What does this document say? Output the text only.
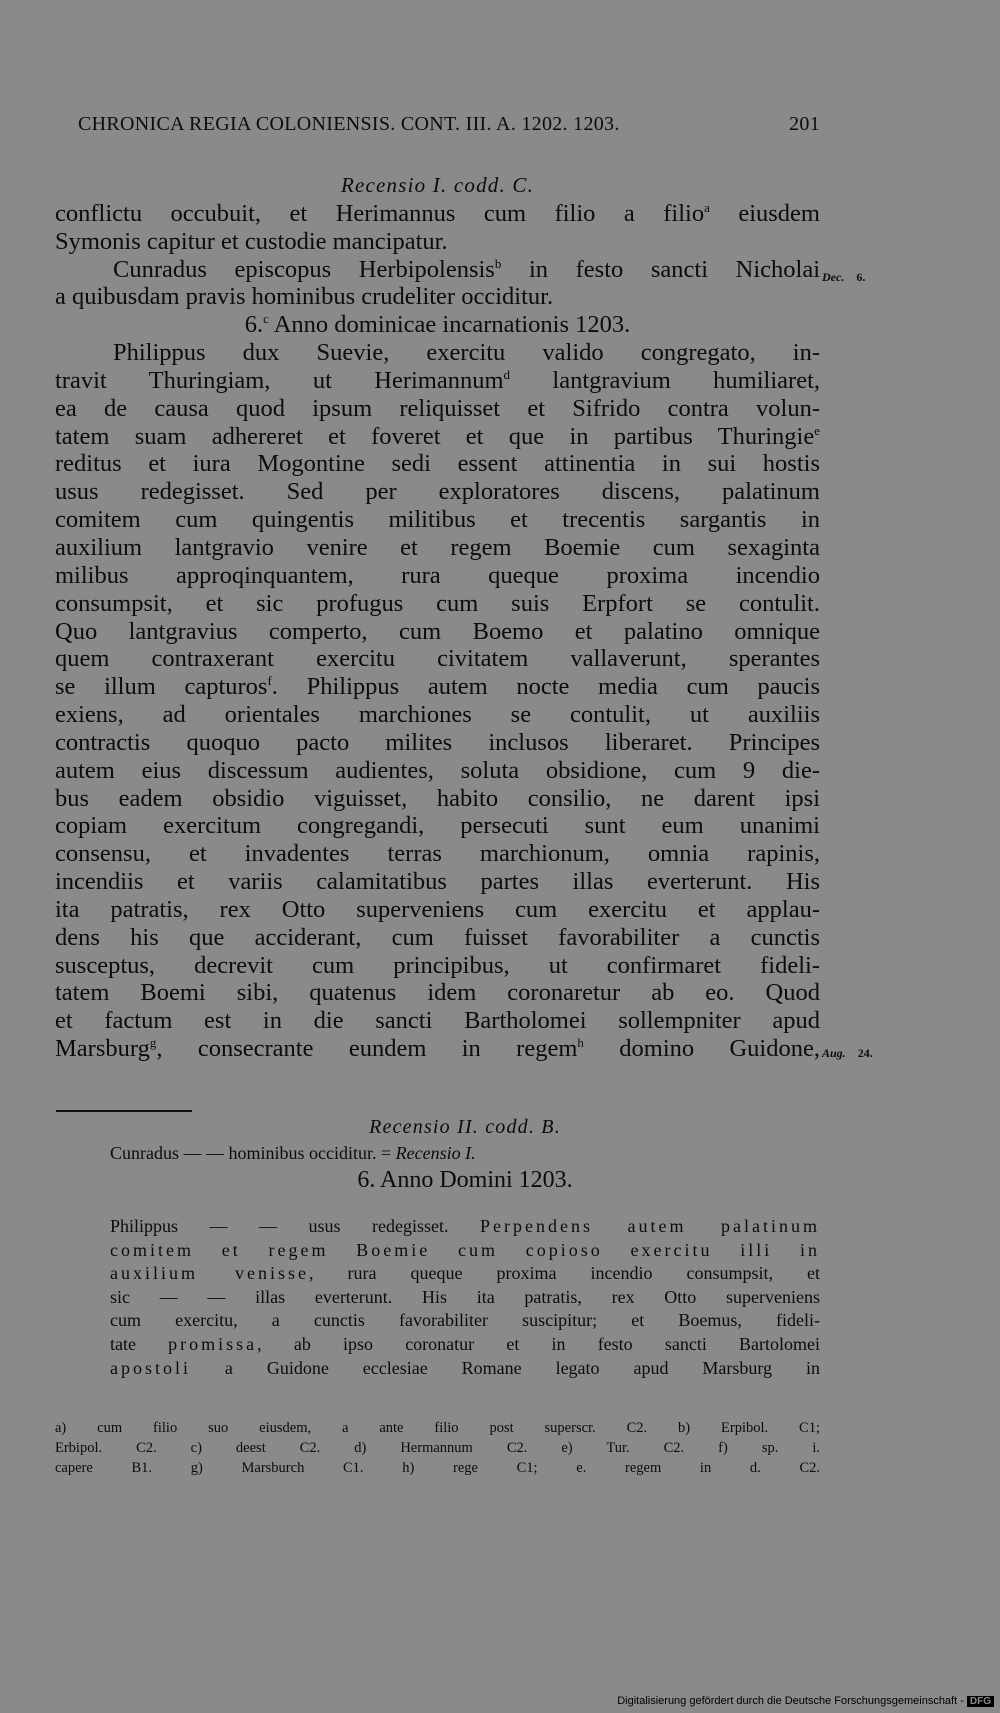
CHRONICA REGIA COLONIENSIS. CONT. III. A. 1202. 1203.	201
Recensio I. codd. C.
conflictu occubuit, et Herimannus cum filio a filio$^a$ eiusdem
Symonis capitur et custodie mancipatur.
Cunradus episcopus Herbipolensis$^b$ in festo sancti Nicholai
a quibusdam pravis hominibus crudeliter occiditur.
6.$^c$ Anno dominicae incarnationis 1203.
Philippus dux Suevie, exercitu valido congregato, in-
travit Thuringiam, ut Herimannum$^d$ lantgravium humiliaret,
ea de causa quod ipsum reliquisset et Sifrido contra volun-
tatem suam adhereret et foveret et que in partibus Thuringie$^e$
reditus et iura Mogontine sedi essent attinentia in sui hostis
usus redegisset. Sed per exploratores discens, palatinum
comitem cum quingentis militibus et trecentis sargantis in
auxilium lantgravio venire et regem Boemie cum sexaginta
milibus approqinquantem, rura queque proxima incendio
consumpsit, et sic profugus cum suis Erpfort se contulit.
Quo lantgravius comperto, cum Boemo et palatino omnique
quem contraxerant exercitu civitatem vallaverunt, sperantes
se illum capturos$^f$. Philippus autem nocte media cum paucis
exiens, ad orientales marchiones se contulit, ut auxiliis
contractis quoquo pacto milites inclusos liberaret. Principes
autem eius discessum audientes, soluta obsidione, cum 9 die-
bus eadem obsidio viguisset, habito consilio, ne darent ipsi
copiam exercitum congregandi, persecuti sunt eum unanimi
consensu, et invadentes terras marchionum, omnia rapinis,
incendiis et variis calamitatibus partes illas everterunt. His
ita patratis, rex Otto superveniens cum exercitu et applau-
dens his que acciderant, cum fuisset favorabiliter a cunctis
susceptus, decrevit cum principibus, ut confirmaret fideli-
tatem Boemi sibi, quatenus idem coronaretur ab eo. Quod
et factum est in die sancti Bartholomei sollempniter apud
Marsburg$^g$, consecrante eundem in regem$^h$ domino Guidone,
Dec. 6.
Aug. 24.
Recensio II. codd. B.
Cunradus — — hominibus occiditur. = Recensio I.
6. Anno Domini 1203.
Philippus — — usus redegisset. Perpendens autem palatinum
comitem et regem Boemie cum copioso exercitu illi in
auxilium venisse, rura queque proxima incendio consumpsit, et
sic — — illas everterunt. His ita patratis, rex Otto superveniens
cum exercitu, a cunctis favorabiliter suscipitur; et Boemus, fideli-
tate promissa, ab ipso coronatur et in festo sancti Bartolomei
apostoli a Guidone ecclesiae Romane legato apud Marsburg in
a) cum filio suo eiusdem, a ante filio post superscr. C2. b) Erpibol. C1;
Erbipol. C2. c) deest C2. d) Hermannum C2. e) Tur. C2. f) sp. i.
capere B1. g) Marsburch C1. h) rege C1; e. regem in d. C2.
Digitalisierung gefördert durch die Deutsche Forschungsgemeinschaft - DFG
